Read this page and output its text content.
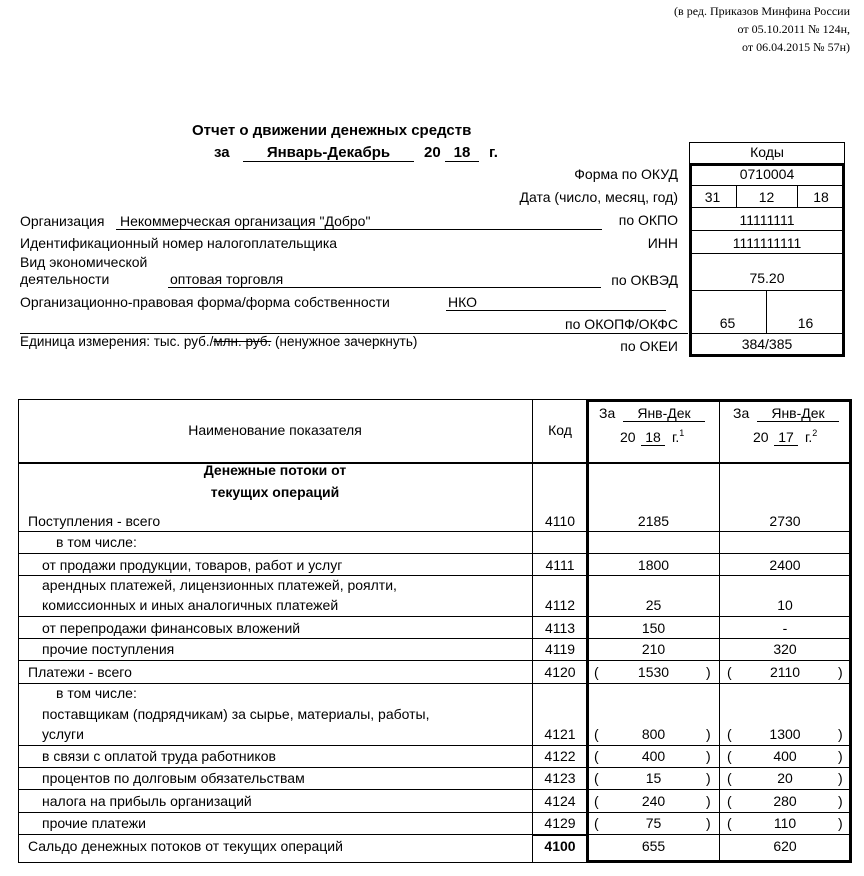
(в ред. Приказов Минфина России
от 05.10.2011 № 124н,
от 06.04.2015 № 57н)
Отчет о движении денежных средств
за	Январь-Декабрь	20 18	г.	Коды
Форма по ОКУД	0710004
Дата (число, месяц, год)	31	12	18
по ОКПО	11111111
ИНН	1111111111
по ОКВЭД	75.20
по ОКОПФ/ОКФС	65	16
по ОКЕИ	384/385
Организация Некоммерческая организация "Добро"
Идентификационный номер налогоплательщика
Вид экономической
деятельности	оптовая торговля
Организационно-правовая форма/форма собственности	НКО
Единица измерения: тыс. руб./млн. руб. (ненужное зачеркнуть)
Наименование показателя	Код
За	Янв-Дек
20 18 г.$^1$
За	Янв-Дек
20 17 г.$^2$
Денежные потоки от
текущих операций
Поступления - всего	4110	2185	2730
в том числе:
от продажи продукции, товаров, работ и услуг	4111	1800	2400
арендных платежей, лицензионных платежей, роялти,
комиссионных и иных аналогичных платежей	4112	25	10
от перепродажи финансовых вложений	4113	150	-
прочие поступления	4119	210	320
Платежи - всего	4120	(	1530	) (	2110	)
в том числе:
поставщикам (подрядчикам) за сырье, материалы, работы,
услуги	4121	(	800	) (	1300	)
в связи с оплатой труда работников	4122	(	400	) (	400	)
процентов по долговым обязательствам	4123	(	15	) (	20	)
налога на прибыль организаций	4124	(	240	) (	280	)
прочие платежи	4129	(	75	) (	110	)
Сальдо денежных потоков от текущих операций	4100	655	620
